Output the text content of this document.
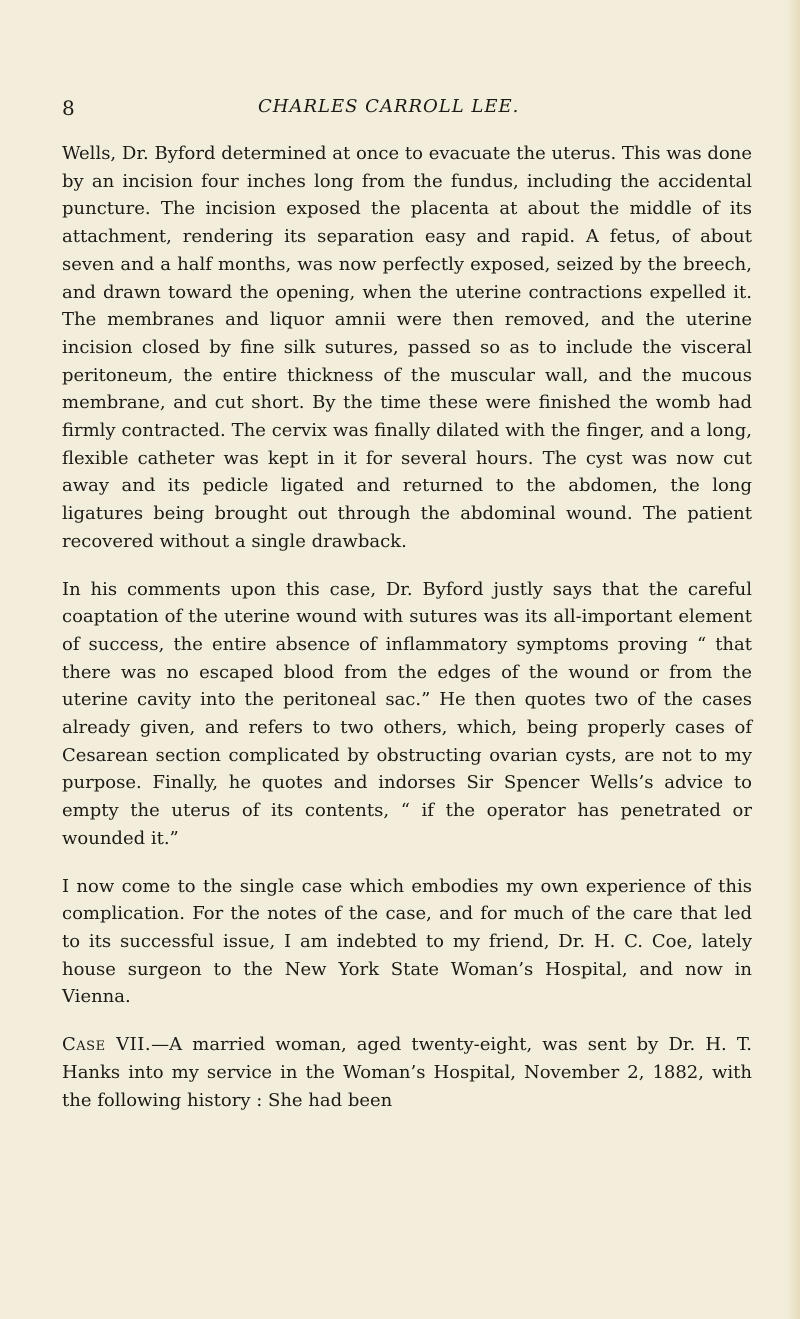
8	CHARLES CARROLL LEE.

Wells, Dr. Byford determined at once to evacuate the uterus. This was done by an incision four inches long from the fundus, including the accidental puncture. The incision exposed the placenta at about the middle of its attachment, rendering its separation easy and rapid. A fetus, of about seven and a half months, was now perfectly exposed, seized by the breech, and drawn toward the opening, when the uterine contractions expelled it. The membranes and liquor amnii were then removed, and the uterine incision closed by fine silk sutures, passed so as to include the visceral peritoneum, the entire thickness of the muscular wall, and the mucous membrane, and cut short. By the time these were finished the womb had firmly contracted. The cervix was finally dilated with the finger, and a long, flexible catheter was kept in it for several hours. The cyst was now cut away and its pedicle ligated and returned to the abdomen, the long ligatures being brought out through the abdominal wound. The patient recovered without a single drawback.

In his comments upon this case, Dr. Byford justly says that the careful coaptation of the uterine wound with sutures was its all-important element of success, the entire absence of inflammatory symptoms proving “ that there was no escaped blood from the edges of the wound or from the uterine cavity into the peritoneal sac.” He then quotes two of the cases already given, and refers to two others, which, being properly cases of Cesarean section complicated by obstructing ovarian cysts, are not to my purpose. Finally, he quotes and indorses Sir Spencer Wells’s advice to empty the uterus of its contents, “ if the operator has penetrated or wounded it.”

I now come to the single case which embodies my own experience of this complication. For the notes of the case, and for much of the care that led to its successful issue, I am indebted to my friend, Dr. H. C. Coe, lately house surgeon to the New York State Woman’s Hospital, and now in Vienna.

Case VII.—A married woman, aged twenty-eight, was sent by Dr. H. T. Hanks into my service in the Woman’s Hospital, November 2, 1882, with the following history : She had been
